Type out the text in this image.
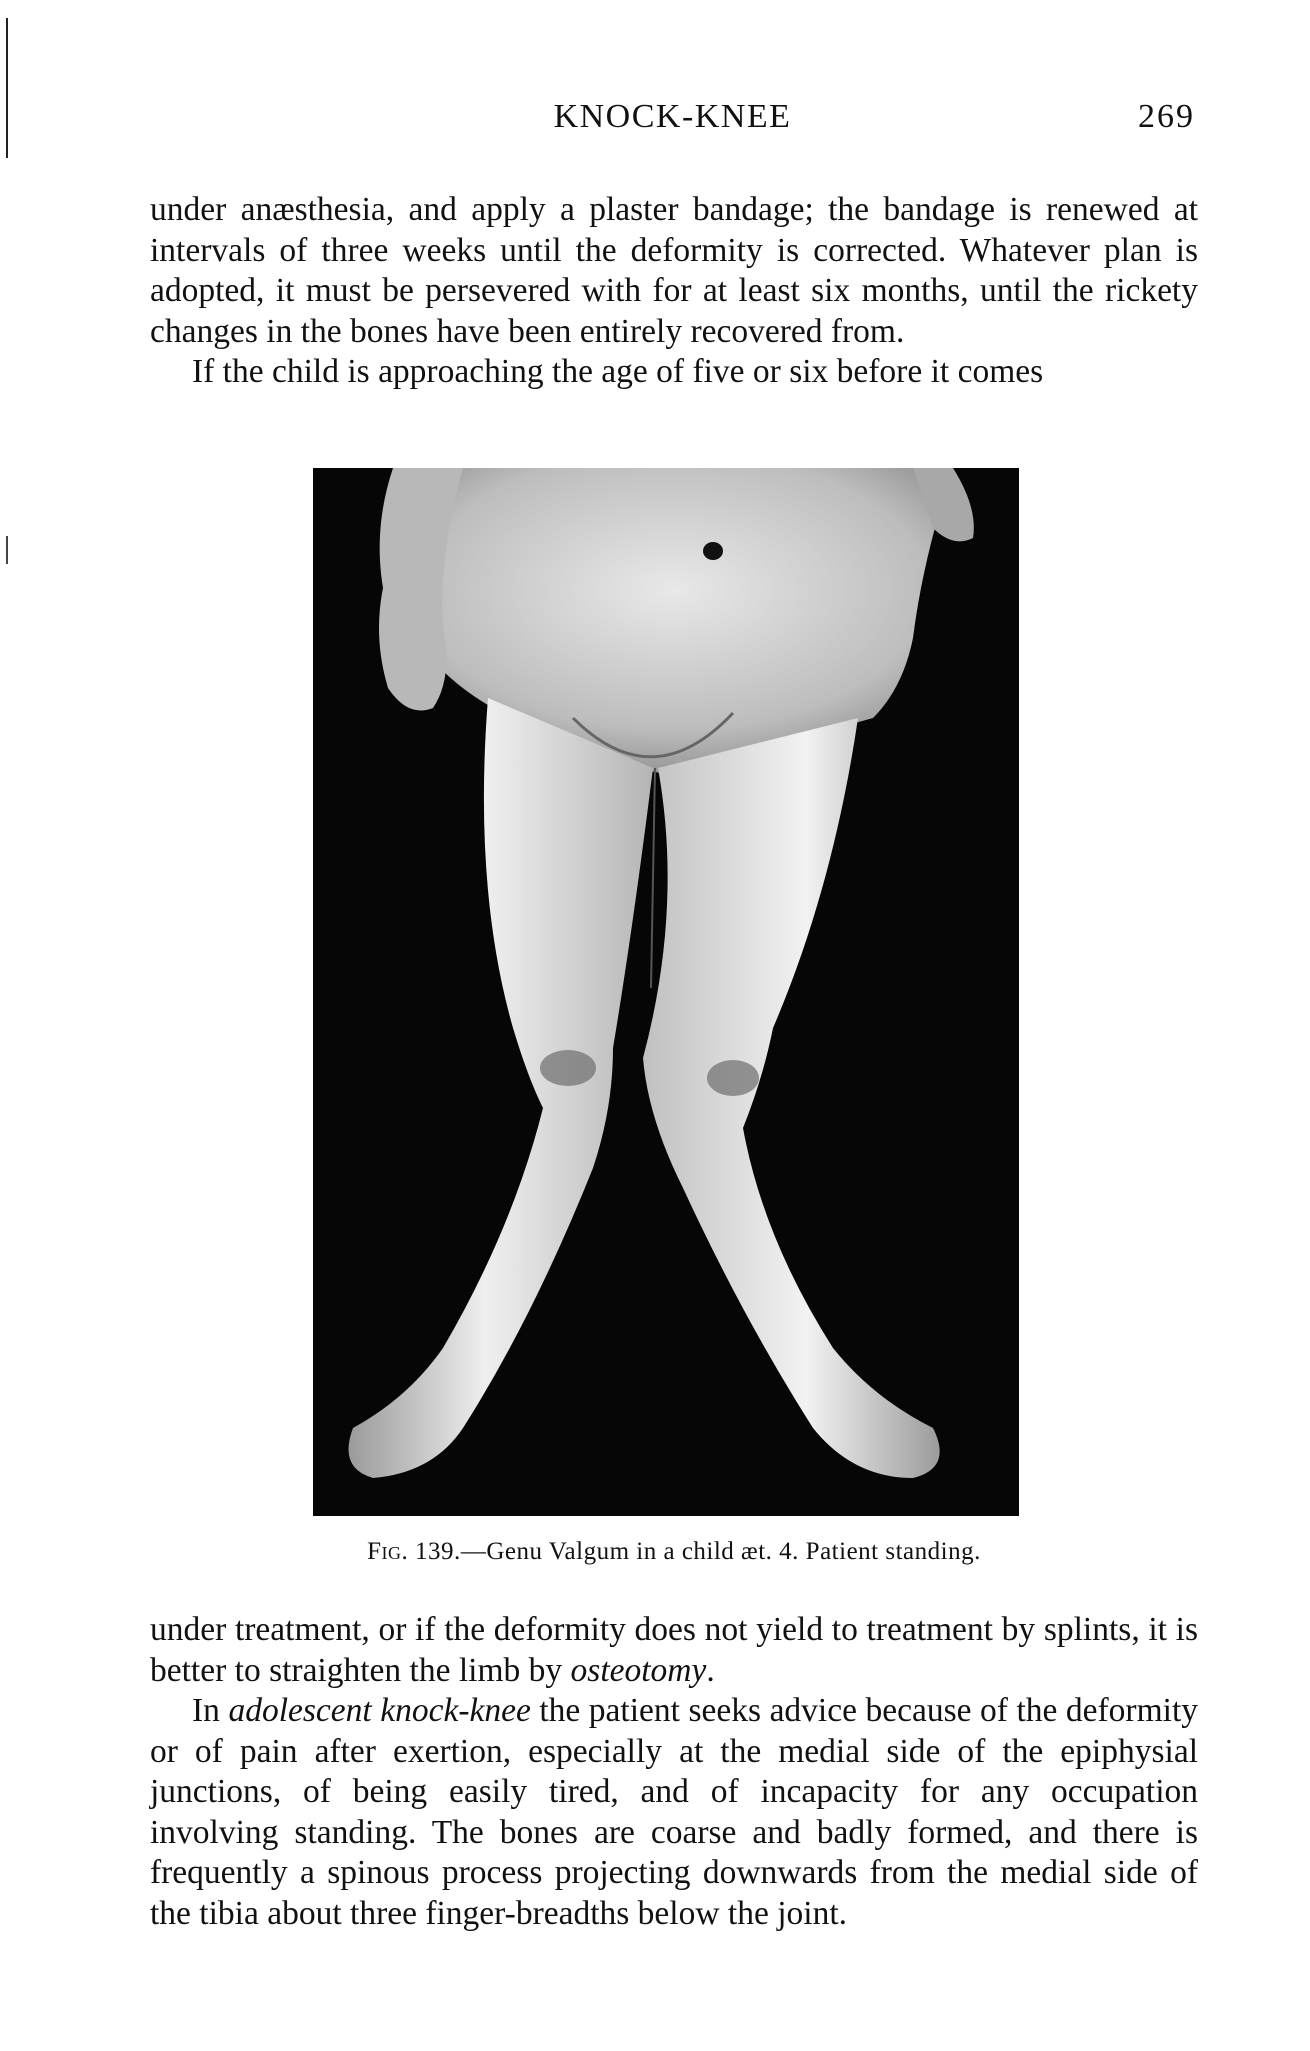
KNOCK-KNEE	269

under anæsthesia, and apply a plaster bandage; the bandage is renewed at intervals of three weeks until the deformity is corrected. Whatever plan is adopted, it must be persevered with for at least six months, until the rickety changes in the bones have been entirely recovered from.

If the child is approaching the age of five or six before it comes

Fig. 139.—Genu Valgum in a child æt. 4. Patient standing.

under treatment, or if the deformity does not yield to treatment by splints, it is better to straighten the limb by osteotomy.

In adolescent knock-knee the patient seeks advice because of the deformity or of pain after exertion, especially at the medial side of the epiphysial junctions, of being easily tired, and of incapacity for any occupation involving standing. The bones are coarse and badly formed, and there is frequently a spinous process projecting downwards from the medial side of the tibia about three finger-breadths below the joint.
